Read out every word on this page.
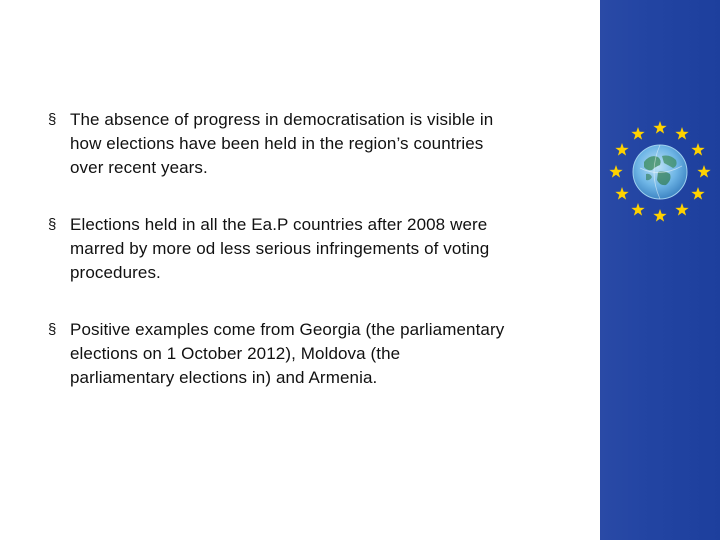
§ The absence of progress in democratisation is visible in
how elections have been held in the region’s countries
over recent years.
§ Elections held in all the Ea.P countries after 2008 were
marred by more od less serious infringements of voting
procedures.
§ Positive examples come from Georgia (the parliamentary
elections on 1 October 2012), Moldova (the
parliamentary elections in) and Armenia.
